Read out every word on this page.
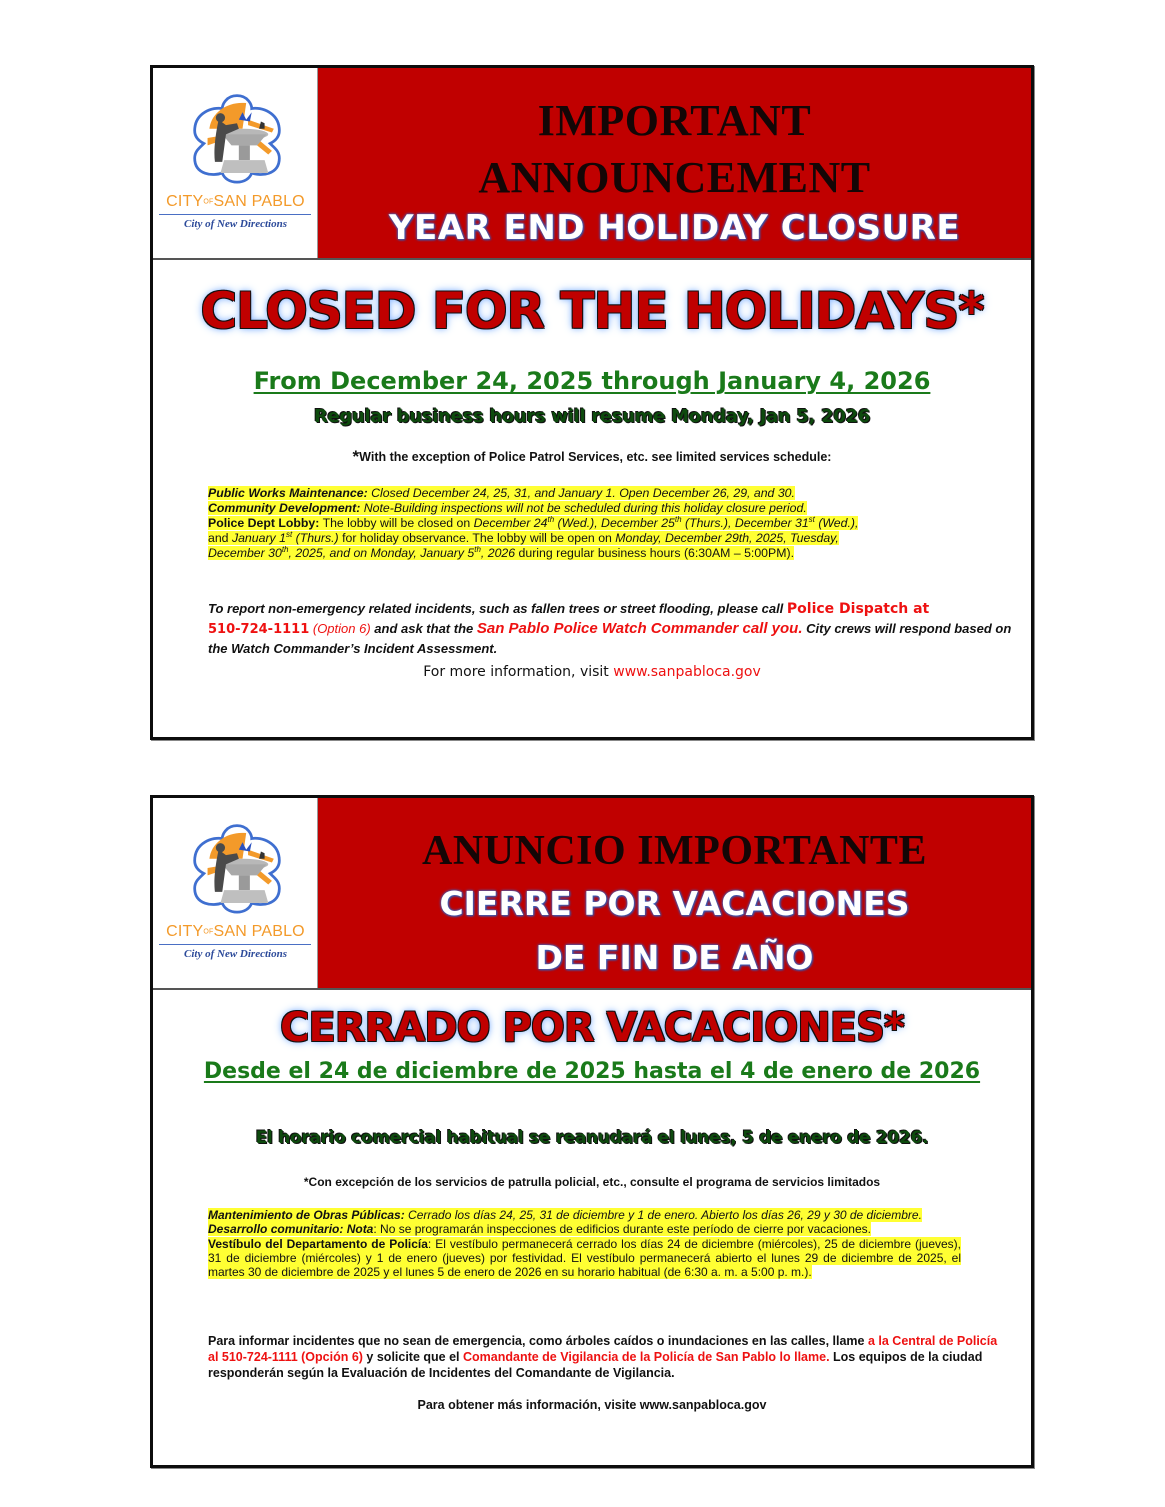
CITYOFSAN PABLO
City of New Directions
IMPORTANT
ANNOUNCEMENT
YEAR END HOLIDAY CLOSURE
CLOSED FOR THE HOLIDAYS*
From December 24, 2025 through January 4, 2026
Regular business hours will resume Monday, Jan 5, 2026
*With the exception of Police Patrol Services, etc. see limited services schedule:
Public Works Maintenance: Closed December 24, 25, 31, and January 1. Open December 26, 29, and 30.
Community Development: Note-Building inspections will not be scheduled during this holiday closure period.
Police Dept Lobby: The lobby will be closed on December 24th (Wed.), December 25th (Thurs.), December 31st (Wed.),
and January 1st (Thurs.) for holiday observance. The lobby will be open on Monday, December 29th, 2025, Tuesday,
December 30th, 2025, and on Monday, January 5th, 2026 during regular business hours (6:30AM – 5:00PM).
To report non-emergency related incidents, such as fallen trees or street flooding, please call Police Dispatch at
510-724-1111 (Option 6) and ask that the San Pablo Police Watch Commander call you. City crews will respond based on the Watch Commander’s Incident Assessment.
For more information, visit www.sanpabloca.gov
CITYOFSAN PABLO
City of New Directions
ANUNCIO IMPORTANTE
CIERRE POR VACACIONES
DE FIN DE AÑO
CERRADO POR VACACIONES*
Desde el 24 de diciembre de 2025 hasta el 4 de enero de 2026
El horario comercial habitual se reanudará el lunes, 5 de enero de 2026.
*Con excepción de los servicios de patrulla policial, etc., consulte el programa de servicios limitados
Mantenimiento de Obras Públicas: Cerrado los días 24, 25, 31 de diciembre y 1 de enero. Abierto los días 26, 29 y 30 de diciembre.
Desarrollo comunitario: Nota: No se programarán inspecciones de edificios durante este período de cierre por vacaciones.
Vestíbulo del Departamento de Policía: El vestíbulo permanecerá cerrado los días 24 de diciembre (miércoles), 25 de diciembre (jueves), 31 de diciembre (miércoles) y 1 de enero (jueves) por festividad. El vestíbulo permanecerá abierto el lunes 29 de diciembre de 2025, el martes 30 de diciembre de 2025 y el lunes 5 de enero de 2026 en su horario habitual (de 6:30 a. m. a 5:00 p. m.).
Para informar incidentes que no sean de emergencia, como árboles caídos o inundaciones en las calles, llame a la Central de Policía al 510-724-1111 (Opción 6) y solicite que el Comandante de Vigilancia de la Policía de San Pablo lo llame. Los equipos de la ciudad responderán según la Evaluación de Incidentes del Comandante de Vigilancia.
Para obtener más información, visite www.sanpabloca.gov
